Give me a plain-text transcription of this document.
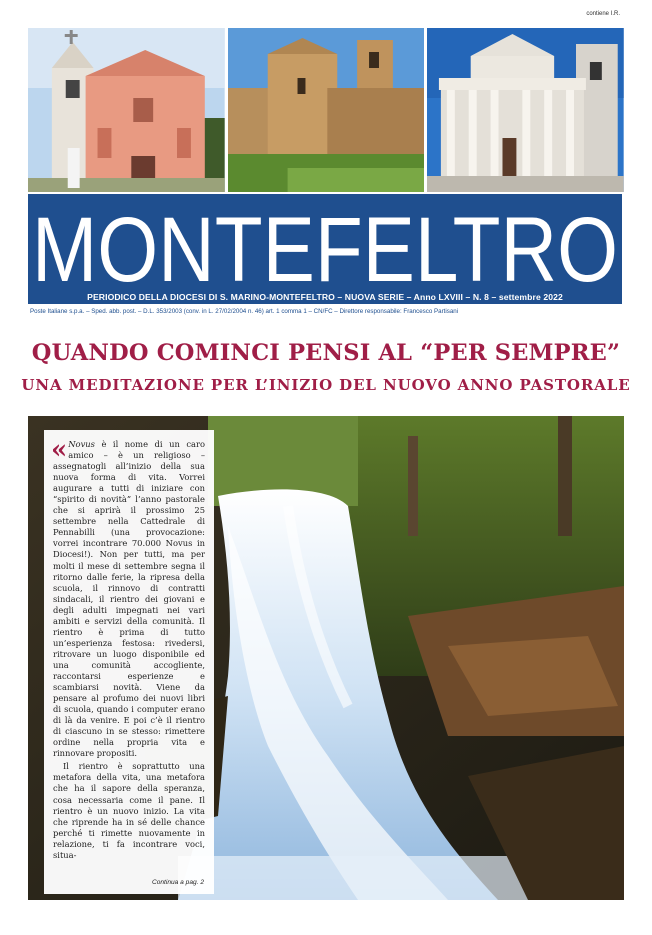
contiene I.R.
MONTEFELTRO
PERIODICO DELLA DIOCESI DI S. MARINO-MONTEFELTRO – NUOVA SERIE – Anno LXVIII – N. 8 – settembre 2022
Poste Italiane s.p.a. – Sped. abb. post. – D.L. 353/2003 (conv. in L. 27/02/2004 n. 46) art. 1 comma 1 – CN/FC – Direttore responsabile: Francesco Partisani
QUANDO COMINCI PENSI AL “PER SEMPRE”
UNA MEDITAZIONE PER L’INIZIO DEL NUOVO ANNO PASTORALE

« Novus è il nome di un caro amico – è un religioso – assegnatogli all’inizio della sua nuova forma di vita. Vorrei augurare a tutti di iniziare con “spirito di novità” l’anno pastorale che si aprirà il prossimo 25 settembre nella Cattedrale di Pennabilli (una provocazione: vorrei incontrare 70.000 Novus in Diocesi!). Non per tutti, ma per molti il mese di settembre segna il ritorno dalle ferie, la ripresa della scuola, il rinnovo di contratti sindacali, il rientro dei giovani e degli adulti impegnati nei vari ambiti e servizi della comunità. Il rientro è prima di tutto un’esperienza festosa: rivedersi, ritrovare un luogo disponibile ed una comunità accogliente, raccontarsi esperienze e scambiarsi novità. Viene da pensare al profumo dei nuovi libri di scuola, quando i computer erano di là da venire. E poi c’è il rientro di ciascuno in se stesso: rimettere ordine nella propria vita e rinnovare propositi.

Il rientro è soprattutto una metafora della vita, una metafora che ha il sapore della speranza, cosa necessaria come il pane. Il rientro è un nuovo inizio. La vita che riprende ha in sé delle chance perché ti rimette nuovamente in relazione, ti fa incontrare voci, situa-

Continua a pag. 2
